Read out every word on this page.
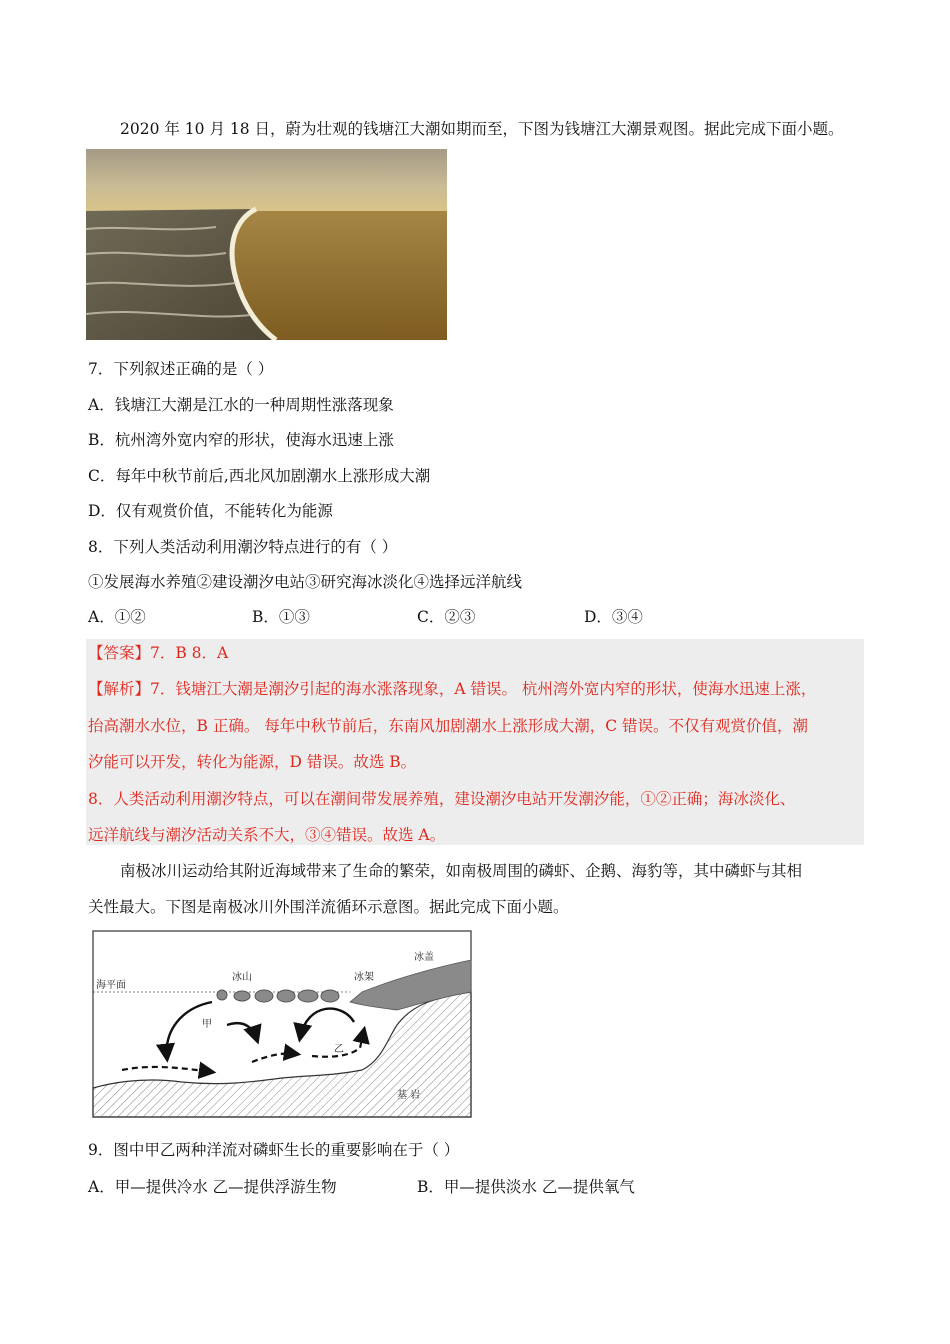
2020 年 10 月 18 日，蔚为壮观的钱塘江大潮如期而至，下图为钱塘江大潮景观图。据此完成下面小题。
7．下列叙述正确的是（ ）
A．钱塘江大潮是江水的一种周期性涨落现象
B．杭州湾外宽内窄的形状，使海水迅速上涨
C．每年中秋节前后,西北风加剧潮水上涨形成大潮
D．仅有观赏价值，不能转化为能源
8．下列人类活动利用潮汐特点进行的有（ ）
①发展海水养殖②建设潮汐电站③研究海冰淡化④选择远洋航线
A．①②	B．①③	C．②③	D．③④
【答案】7．B 8．A
【解析】7．钱塘江大潮是潮汐引起的海水涨落现象，A 错误。 杭州湾外宽内窄的形状，使海水迅速上涨，
抬高潮水水位，B 正确。 每年中秋节前后，东南风加剧潮水上涨形成大潮，C 错误。不仅有观赏价值，潮
汐能可以开发，转化为能源，D 错误。故选 B。
8．人类活动利用潮汐特点，可以在潮间带发展养殖，建设潮汐电站开发潮汐能，①②正确；海冰淡化、
远洋航线与潮汐活动关系不大，③④错误。故选 A。
南极冰川运动给其附近海域带来了生命的繁荣，如南极周围的磷虾、企鹅、海豹等，其中磷虾与其相
关性最大。下图是南极冰川外围洋流循环示意图。据此完成下面小题。
海平面
冰山	冰架
冰盖
甲
乙
基 岩
9．图中甲乙两种洋流对磷虾生长的重要影响在于（ ）
A．甲—提供冷水 乙—提供浮游生物	B．甲—提供淡水 乙—提供氧气
